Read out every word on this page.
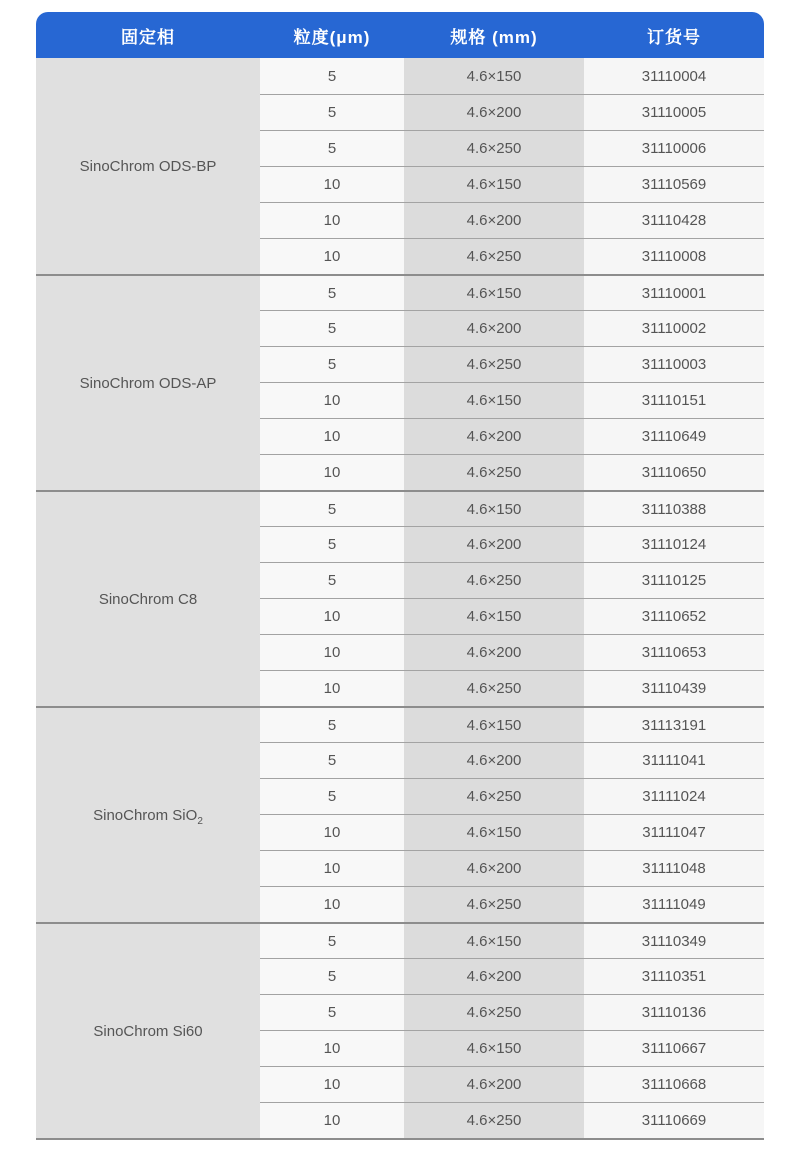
固定相	粒度(μm)	规格 (mm)	订货号
SinoChrom ODS-BP	5	4.6×150	31110004
	5	4.6×200	31110005
	5	4.6×250	31110006
	10	4.6×150	31110569
	10	4.6×200	31110428
	10	4.6×250	31110008
SinoChrom ODS-AP	5	4.6×150	31110001
	5	4.6×200	31110002
	5	4.6×250	31110003
	10	4.6×150	31110151
	10	4.6×200	31110649
	10	4.6×250	31110650
SinoChrom C8	5	4.6×150	31110388
	5	4.6×200	31110124
	5	4.6×250	31110125
	10	4.6×150	31110652
	10	4.6×200	31110653
	10	4.6×250	31110439
SinoChrom SiO$_2$	5	4.6×150	31113191
	5	4.6×200	31111041
	5	4.6×250	31111024
	10	4.6×150	31111047
	10	4.6×200	31111048
	10	4.6×250	31111049
SinoChrom Si60	5	4.6×150	31110349
	5	4.6×200	31110351
	5	4.6×250	31110136
	10	4.6×150	31110667
	10	4.6×200	31110668
	10	4.6×250	31110669
